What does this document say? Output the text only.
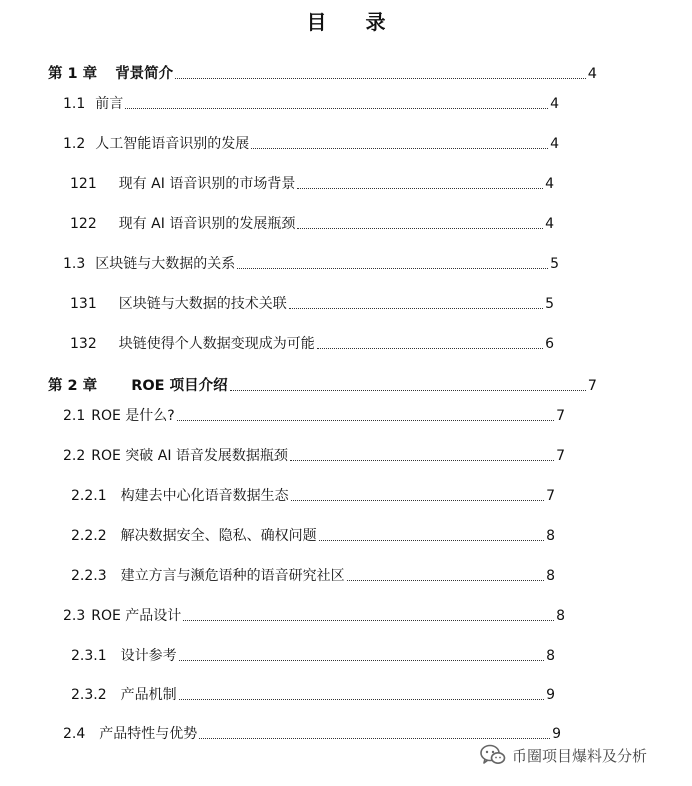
目 录
第 1 章 背景简介	4
1.1 前言	4
1.2 人工智能语音识别的发展	4
121 现有 AI 语音识别的市场背景	4
122 现有 AI 语音识别的发展瓶颈	4
1.3 区块链与大数据的关系	5
131 区块链与大数据的技术关联	5
132 块链使得个人数据变现成为可能	6
第 2 章 ROE 项目介绍	7
2.1 ROE 是什么?	7
2.2 ROE 突破 AI 语音发展数据瓶颈	7
2.2.1 构建去中心化语音数据生态	7
2.2.2 解决数据安全、隐私、确权问题	8
2.2.3 建立方言与濒危语种的语音研究社区	8
2.3 ROE 产品设计	8
2.3.1 设计参考	8
2.3.2 产品机制	9
2.4 产品特性与优势	9
币圈项目爆料及分析
